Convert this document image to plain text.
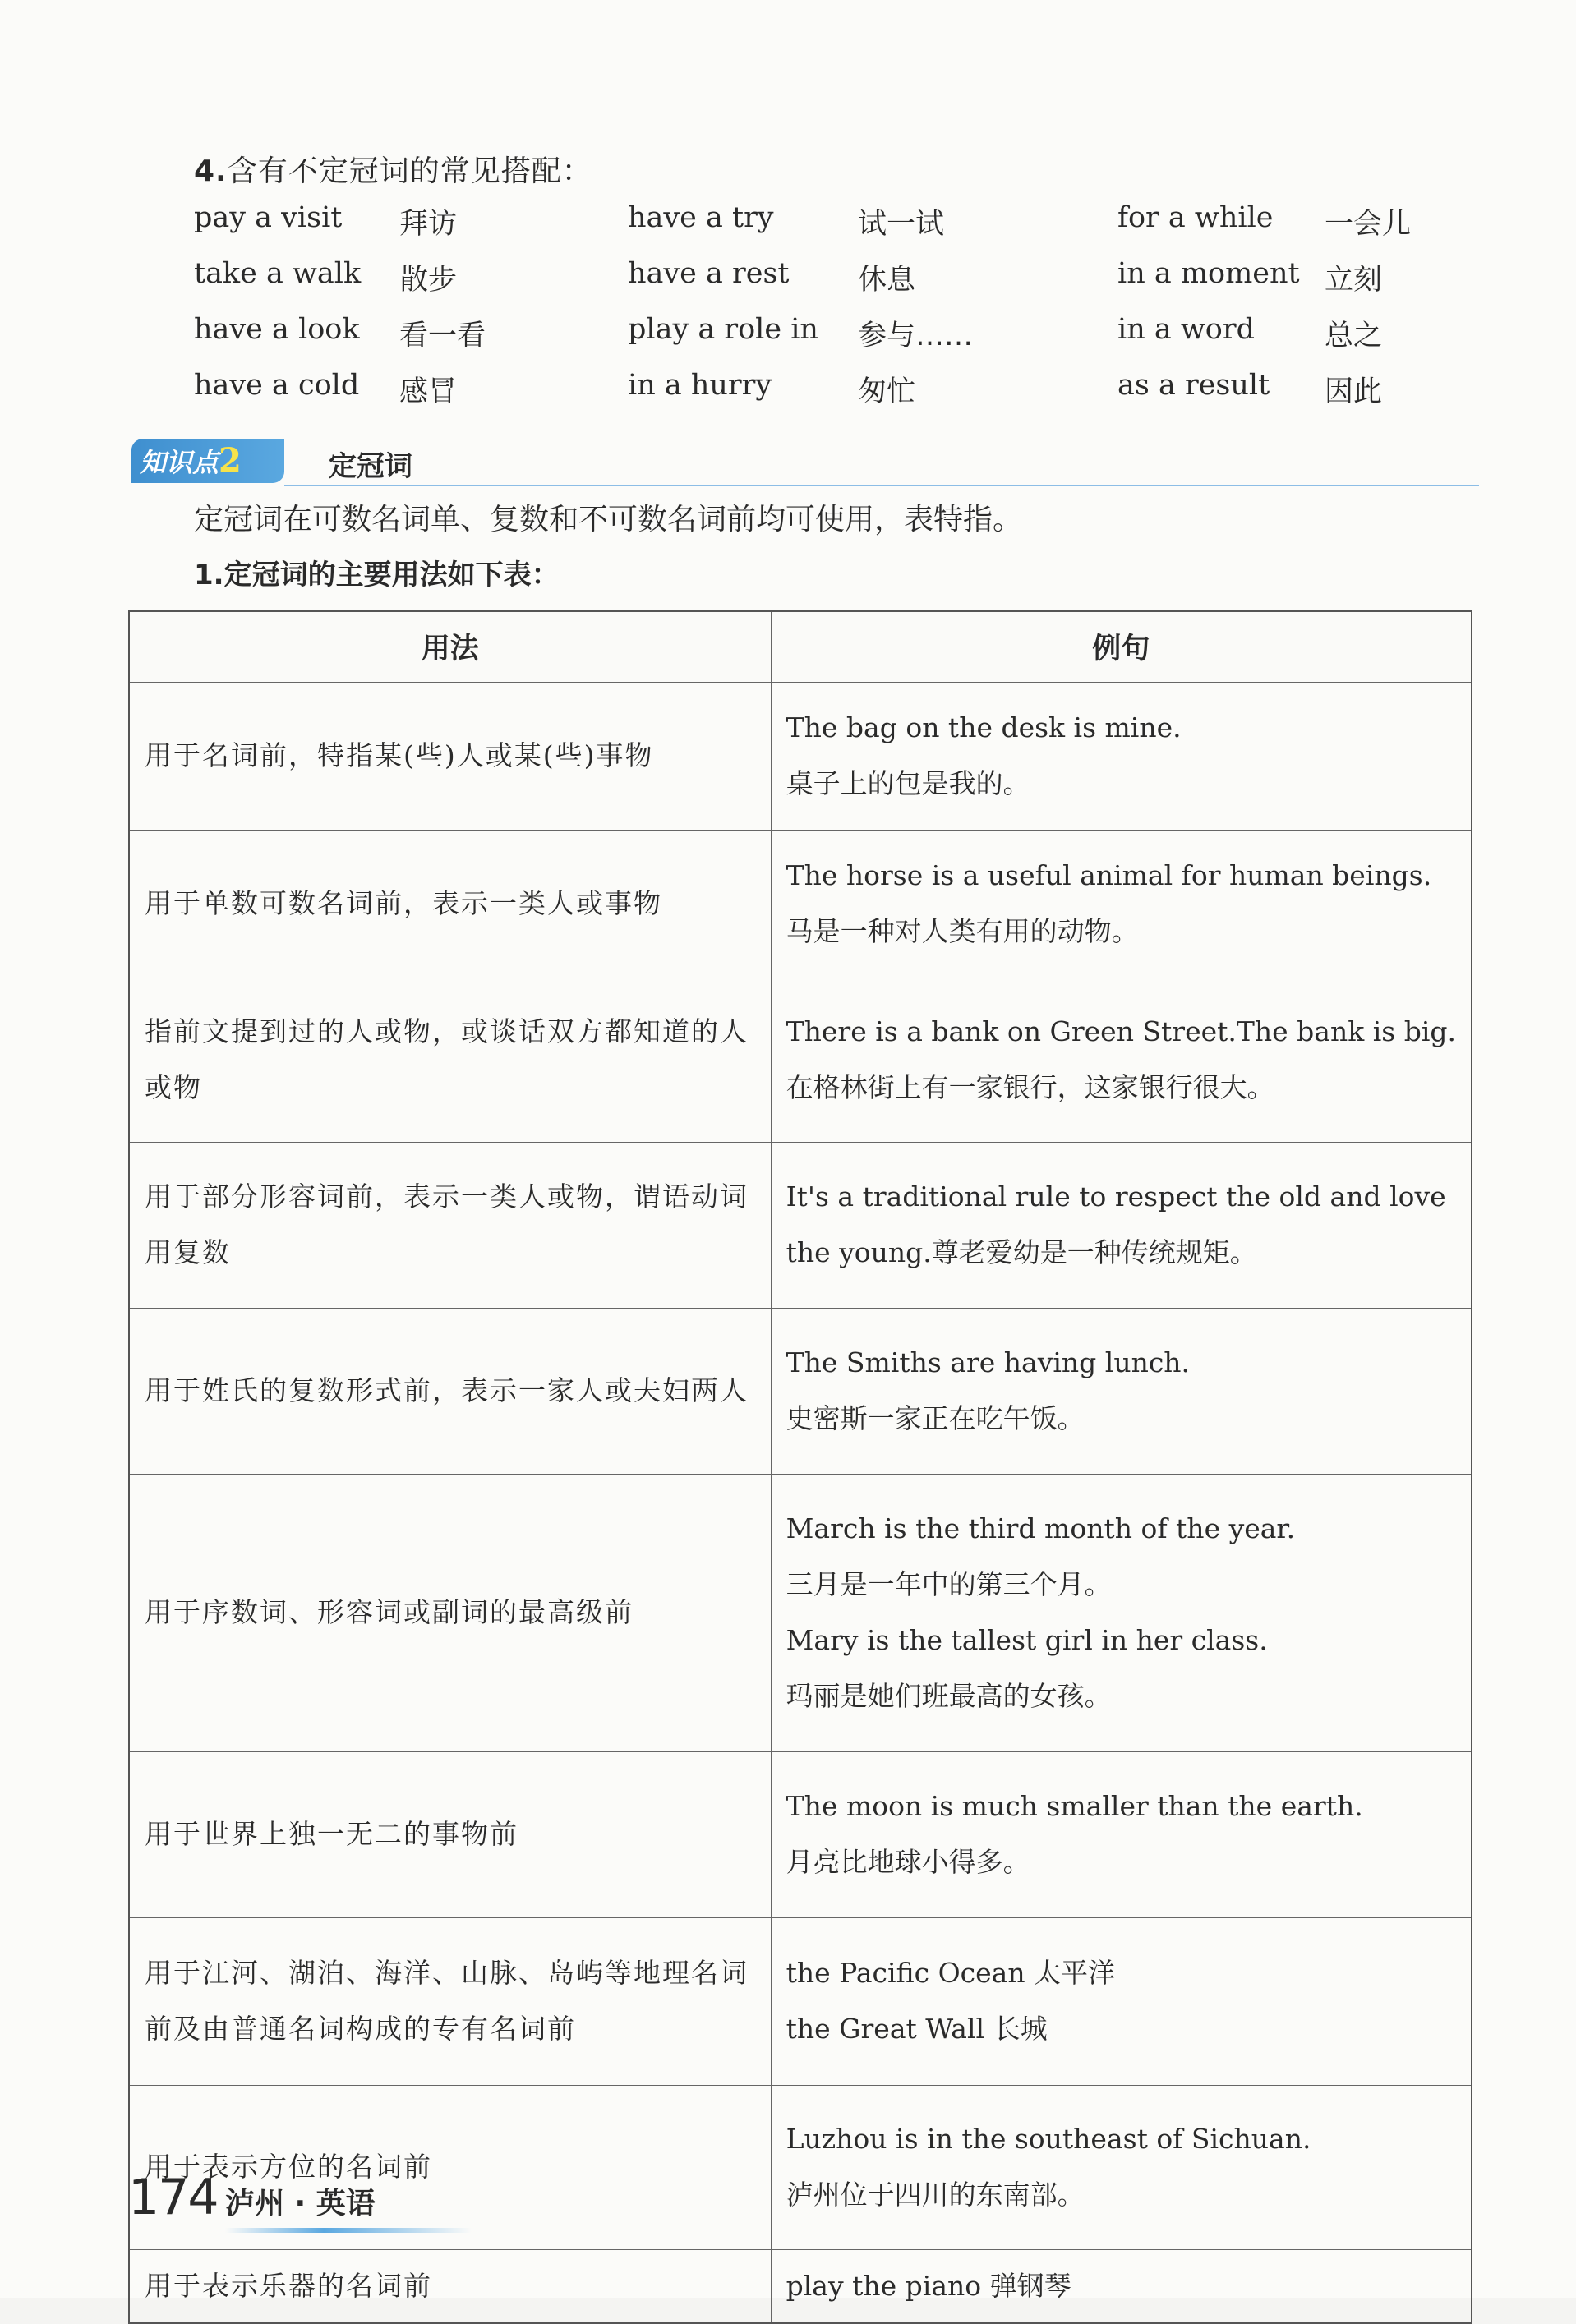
4.含有不定冠词的常见搭配：
pay a visit 拜访	have a try	试一试	for a while 一会儿
take a walk 散步	have a rest 休息	in a moment 立刻
have a look 看一看	play a role in 参与……	in a word 总之
have a cold 感冒	in a hurry	匆忙	as a result 因此
知识点2	定冠词
定冠词在可数名词单、复数和不可数名词前均可使用，表特指。
1.定冠词的主要用法如下表：
用法	例句
用于名词前，特指某(些)人或某(些)事物	The bag on the desk is mine.
桌子上的包是我的。

用于单数可数名词前，表示一类人或事物	The horse is a useful animal for human beings.
马是一种对人类有用的动物。

指前文提到过的人或物，或谈话双方都知道的人或物	There is a bank on Green Street.The bank is big.
在格林街上有一家银行，这家银行很大。

用于部分形容词前，表示一类人或物，谓语动词用复数	It's a traditional rule to respect the old and love
the young.尊老爱幼是一种传统规矩。

用于姓氏的复数形式前，表示一家人或夫妇两人	The Smiths are having lunch.
史密斯一家正在吃午饭。

用于序数词、形容词或副词的最高级前	March is the third month of the year.
三月是一年中的第三个月。
Mary is the tallest girl in her class.
玛丽是她们班最高的女孩。

用于世界上独一无二的事物前	The moon is much smaller than the earth.
月亮比地球小得多。

用于江河、湖泊、海洋、山脉、岛屿等地理名词前及由普通名词构成的专有名词前	the Pacific Ocean 太平洋
the Great Wall 长城

用于表示方位的名词前	Luzhou is in the southeast of Sichuan.
泸州位于四川的东南部。

用于表示乐器的名词前	play the piano 弹钢琴
174 泸州 · 英语
